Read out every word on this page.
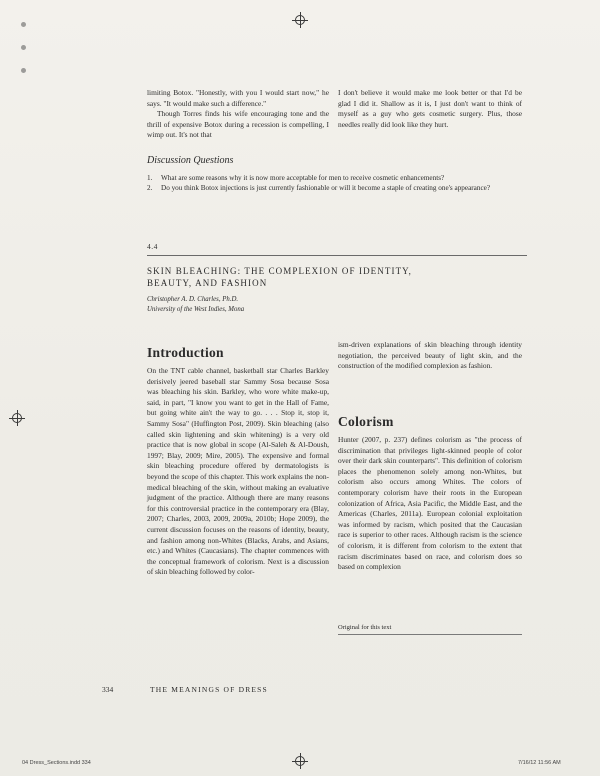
limiting Botox. "Honestly, with you I would start now," he says. "It would make such a difference."

Though Torres finds his wife encouraging tone and the thrill of expensive Botox during a recession is compelling, I wimp out. It's not that

I don't believe it would make me look better or that I'd be glad I did it. Shallow as it is, I just don't want to think of myself as a guy who gets cosmetic surgery. Plus, those needles really did look like they hurt.

Discussion Questions
1.	What are some reasons why it is now more acceptable for men to receive cosmetic enhancements?
2.	Do you think Botox injections is just currently fashionable or will it become a staple of creating one's appearance?
4.4
SKIN BLEACHING: THE COMPLEXION OF IDENTITY, BEAUTY, AND FASHION
Christopher A. D. Charles, Ph.D.
University of the West Indies, Mona
Introduction

On the TNT cable channel, basketball star Charles Barkley derisively jeered baseball star Sammy Sosa because Sosa was bleaching his skin. Barkley, who wore white make-up, said, in part, "I know you want to get in the Hall of Fame, but going white ain't the way to go. . . . Stop it, stop it, Sammy Sosa" (Huffington Post, 2009). Skin bleaching (also called skin lightening and skin whitening) is a very old practice that is now global in scope (Al-Saleh & Al-Doush, 1997; Blay, 2009; Mire, 2005). The expensive and formal skin bleaching procedure offered by dermatologists is beyond the scope of this chapter. This work explains the non-medical bleaching of the skin, without making an evaluative judgment of the practice. Although there are many reasons for this controversial practice in the contemporary era (Blay, 2007; Charles, 2003, 2009, 2009a, 2010b; Hope 2009), the current discussion focuses on the reasons of identity, beauty, and fashion among non-Whites (Blacks, Arabs, and Asians, etc.) and Whites (Caucasians). The chapter commences with the conceptual framework of colorism. Next is a discussion of skin bleaching followed by color-

ism-driven explanations of skin bleaching through identity negotiation, the perceived beauty of light skin, and the construction of the modified complexion as fashion.

Colorism

Hunter (2007, p. 237) defines colorism as "the process of discrimination that privileges light-skinned people of color over their dark skin counterparts". This definition of colorism places the phenomenon solely among non-Whites, but colorism also occurs among Whites. The colors of contemporary colorism have their roots in the European colonization of Africa, Asia Pacific, the Middle East, and the Americas (Charles, 2011a). European colonial exploitation was informed by racism, which posited that the Caucasian race is superior to other races. Although racism is the science of colorism, it is different from colorism to the extent that racism discriminates based on race, and colorism does so based on complexion

Original for this text
334	THE MEANINGS OF DRESS
04 Dress_Sections.indd 334	7/16/12 11:56 AM
